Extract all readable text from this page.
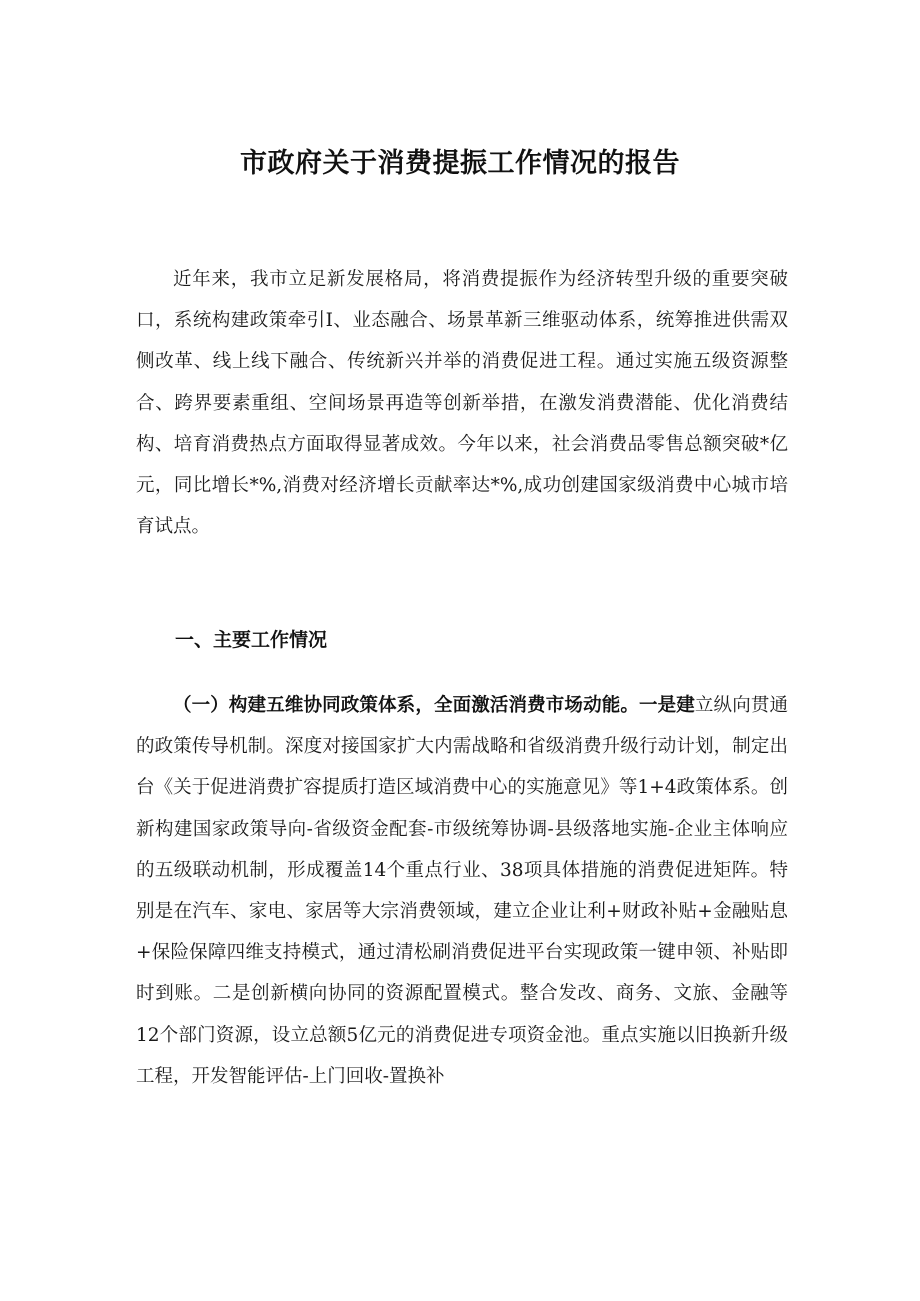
市政府关于消费提振工作情况的报告

近年来，我市立足新发展格局，将消费提振作为经济转型升级的重要突破口，系统构建政策牵引I、业态融合、场景革新三维驱动体系，统筹推进供需双侧改革、线上线下融合、传统新兴并举的消费促进工程。通过实施五级资源整合、跨界要素重组、空间场景再造等创新举措，在激发消费潜能、优化消费结构、培育消费热点方面取得显著成效。今年以来，社会消费品零售总额突破*亿元，同比增长*%,消费对经济增长贡献率达*%,成功创建国家级消费中心城市培育试点。

一、主要工作情况

（一）构建五维协同政策体系，全面激活消费市场动能。一是建立纵向贯通的政策传导机制。深度对接国家扩大内需战略和省级消费升级行动计划，制定出台《关于促进消费扩容提质打造区域消费中心的实施意见》等1+4政策体系。创新构建国家政策导向-省级资金配套-市级统筹协调-县级落地实施-企业主体响应的五级联动机制，形成覆盖14个重点行业、38项具体措施的消费促进矩阵。特别是在汽车、家电、家居等大宗消费领域，建立企业让利+财政补贴+金融贴息+保险保障四维支持模式，通过清松刷消费促进平台实现政策一键申领、补贴即时到账。二是创新横向协同的资源配置模式。整合发改、商务、文旅、金融等12个部门资源，设立总额5亿元的消费促进专项资金池。重点实施以旧换新升级工程，开发智能评估-上门回收-置换补
